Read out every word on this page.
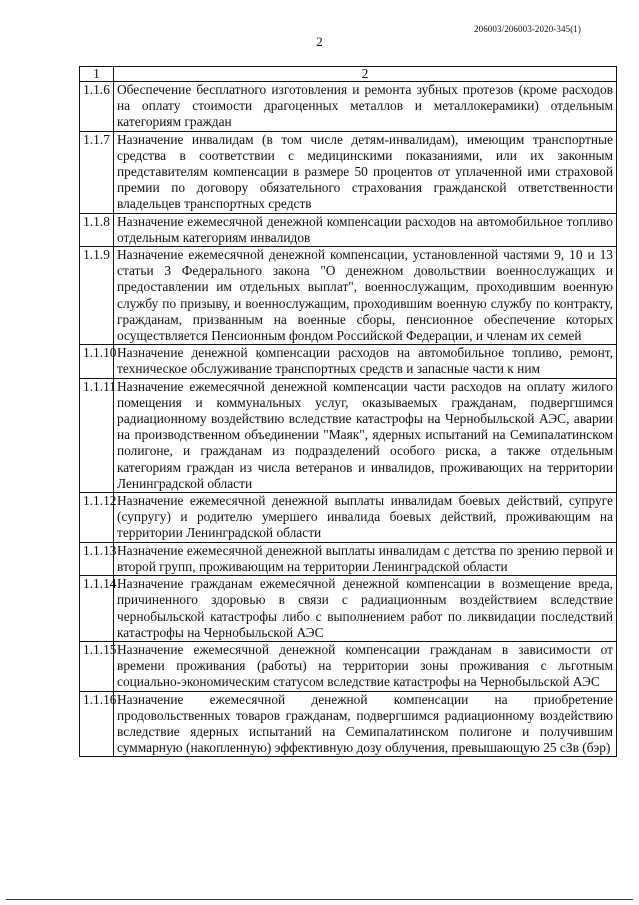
206003/206003-2020-345(1)
2
1	2
1.1.6	Обеспечение бесплатного изготовления и ремонта зубных протезов (кроме расходов на оплату стоимости драгоценных металлов и металлокерамики) отдельным категориям граждан
1.1.7	Назначение инвалидам (в том числе детям-инвалидам), имеющим транспортные средства в соответствии с медицинскими показаниями, или их законным представителям компенсации в размере 50 процентов от уплаченной ими страховой премии по договору обязательного страхования гражданской ответственности владельцев транспортных средств
1.1.8	Назначение ежемесячной денежной компенсации расходов на автомобильное топливо отдельным категориям инвалидов
1.1.9	Назначение ежемесячной денежной компенсации, установленной частями 9, 10 и 13 статьи 3 Федерального закона "О денежном довольствии военнослужащих и предоставлении им отдельных выплат", военнослужащим, проходившим военную службу по призыву, и военнослужащим, проходившим военную службу по контракту, гражданам, призванным на военные сборы, пенсионное обеспечение которых осуществляется Пенсионным фондом Российской Федерации, и членам их семей
1.1.10	Назначение денежной компенсации расходов на автомобильное топливо, ремонт, техническое обслуживание транспортных средств и запасные части к ним
1.1.11	Назначение ежемесячной денежной компенсации части расходов на оплату жилого помещения и коммунальных услуг, оказываемых гражданам, подвергшимся радиационному воздействию вследствие катастрофы на Чернобыльской АЭС, аварии на производственном объединении "Маяк", ядерных испытаний на Семипалатинском полигоне, и гражданам из подразделений особого риска, а также отдельным категориям граждан из числа ветеранов и инвалидов, проживающих на территории Ленинградской области
1.1.12	Назначение ежемесячной денежной выплаты инвалидам боевых действий, супруге (супругу) и родителю умершего инвалида боевых действий, проживающим на территории Ленинградской области
1.1.13	Назначение ежемесячной денежной выплаты инвалидам с детства по зрению первой и второй групп, проживающим на территории Ленинградской области
1.1.14	Назначение гражданам ежемесячной денежной компенсации в возмещение вреда, причиненного здоровью в связи с радиационным воздействием вследствие чернобыльской катастрофы либо с выполнением работ по ликвидации последствий катастрофы на Чернобыльской АЭС
1.1.15	Назначение ежемесячной денежной компенсации гражданам в зависимости от времени проживания (работы) на территории зоны проживания с льготным социально-экономическим статусом вследствие катастрофы на Чернобыльской АЭС
1.1.16	Назначение ежемесячной денежной компенсации на приобретение продовольственных товаров гражданам, подвергшимся радиационному воздействию вследствие ядерных испытаний на Семипалатинском полигоне и получившим суммарную (накопленную) эффективную дозу облучения, превышающую 25 сЗв (бэр)
